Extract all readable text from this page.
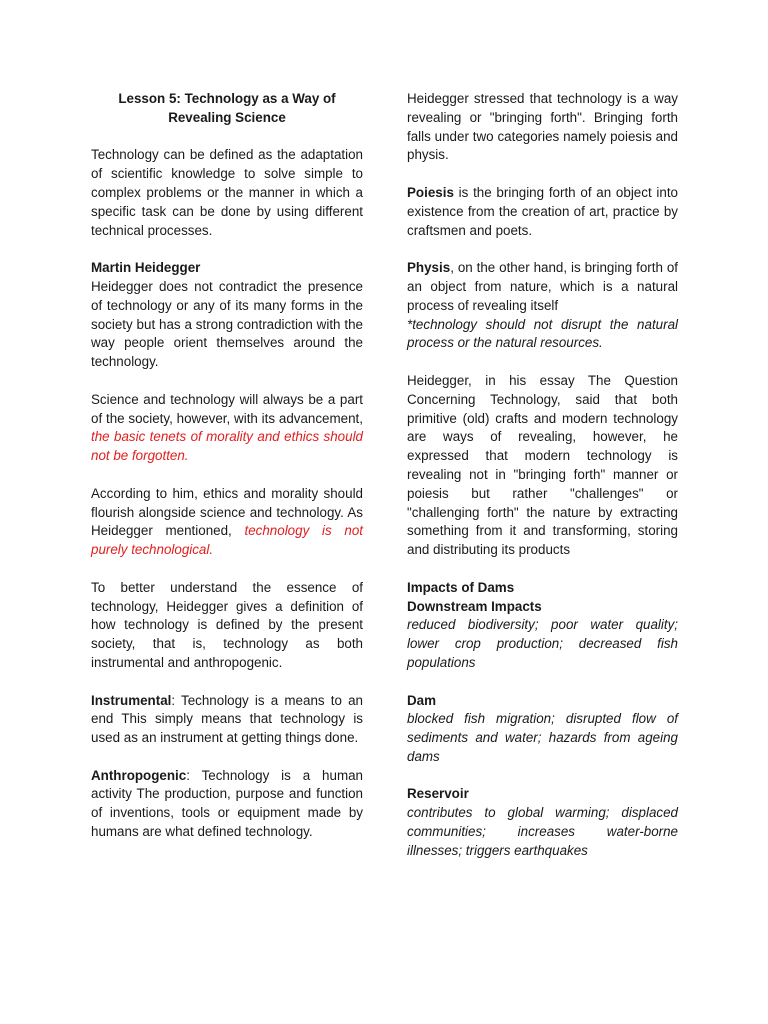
Lesson 5: Technology as a Way of
Revealing Science

Technology can be defined as the adaptation of scientific knowledge to solve simple to complex problems or the manner in which a specific task can be done by using different technical processes.

Martin Heidegger
Heidegger does not contradict the presence of technology or any of its many forms in the society but has a strong contradiction with the way people orient themselves around the technology.

Science and technology will always be a part of the society, however, with its advancement, the basic tenets of morality and ethics should not be forgotten.

According to him, ethics and morality should flourish alongside science and technology. As Heidegger mentioned, technology is not purely technological.

To better understand the essence of technology, Heidegger gives a definition of how technology is defined by the present society, that is, technology as both instrumental and anthropogenic.

Instrumental: Technology is a means to an end This simply means that technology is used as an instrument at getting things done.

Anthropogenic: Technology is a human activity The production, purpose and function of inventions, tools or equipment made by humans are what defined technology.

Heidegger stressed that technology is a way revealing or "bringing forth". Bringing forth falls under two categories namely poiesis and physis.

Poiesis is the bringing forth of an object into existence from the creation of art, practice by craftsmen and poets.

Physis, on the other hand, is bringing forth of an object from nature, which is a natural process of revealing itself
*technology should not disrupt the natural process or the natural resources.

Heidegger, in his essay The Question Concerning Technology, said that both primitive (old) crafts and modern technology are ways of revealing, however, he expressed that modern technology is revealing not in "bringing forth" manner or poiesis but rather "challenges" or "challenging forth" the nature by extracting something from it and transforming, storing and distributing its products

Impacts of Dams
Downstream Impacts
reduced biodiversity; poor water quality; lower crop production; decreased fish populations

Dam
blocked fish migration; disrupted flow of sediments and water; hazards from ageing dams

Reservoir
contributes to global warming; displaced communities; increases water-borne illnesses; triggers earthquakes
